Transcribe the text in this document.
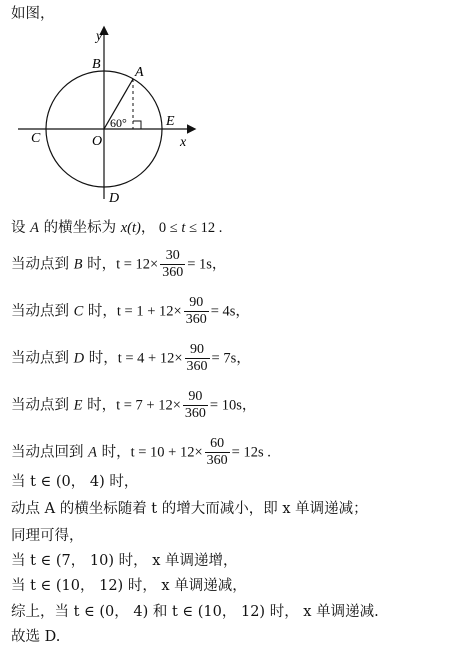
如图，
y
x
B
A
C	O
E
D
60°
设 A 的横坐标为 x(t)， 0 ≤ t ≤ 12 .
当动点到 B 时，$t = 12\times \frac{30}{360} = 1s$，
当动点到 C 时，$t = 1 + 12\times \frac{90}{360} = 4s$，
当动点到 D 时，$t = 4 + 12\times \frac{90}{360} = 7s$，
当动点到 E 时，$t = 7 + 12\times \frac{90}{360} = 10s$，
当动点回到 A 时，$t = 10 + 12\times \frac{60}{360} = 12s$ .
当 t ∈ (0， 4) 时，
动点 A 的横坐标随着 t 的增大而减小，即 x 单调递减；
同理可得，
当 t ∈ (7， 10) 时， x 单调递增，
当 t ∈ (10， 12) 时， x 单调递减，
综上，当 t ∈ (0， 4) 和 t ∈ (10， 12) 时， x 单调递减.
故选 D.
